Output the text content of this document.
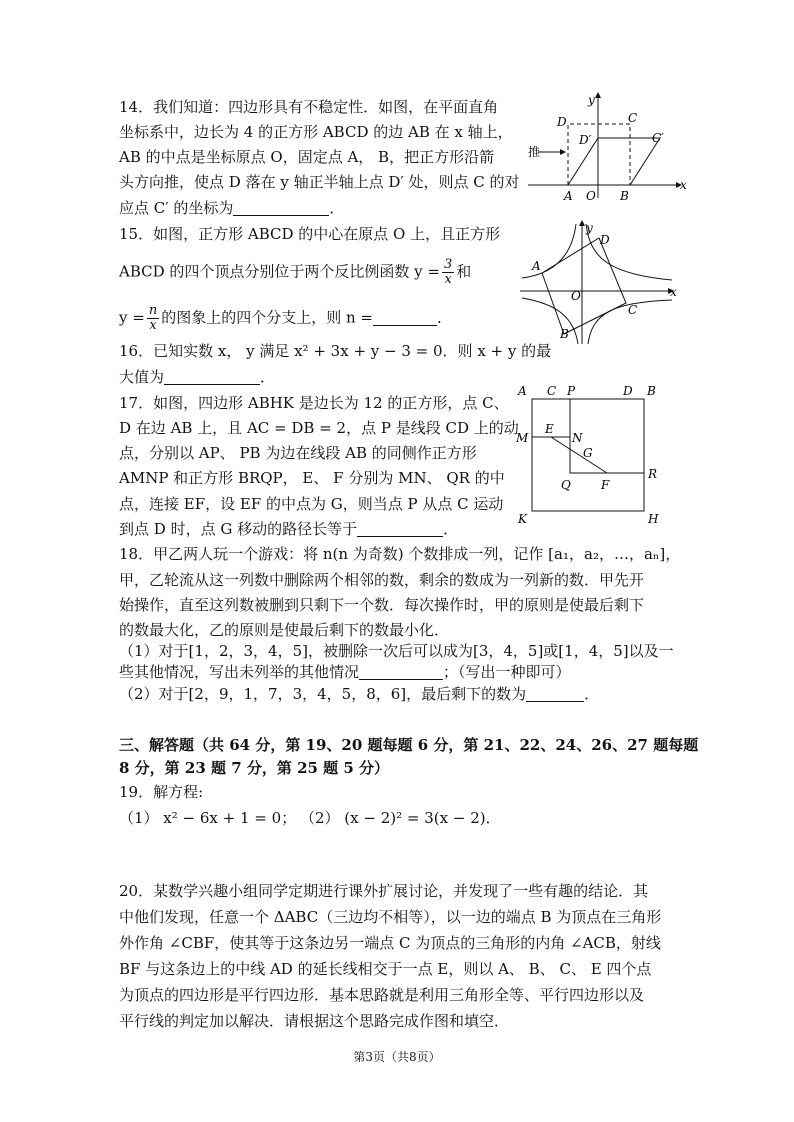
14．我们知道：四边形具有不稳定性．如图，在平面直角
坐标系中，边长为 4 的正方形 ABCD 的边 AB 在 x 轴上，
AB 的中点是坐标原点 O，固定点 A， B，把正方形沿箭
头方向推，使点 D 落在 y 轴正半轴上点 D′ 处，则点 C 的对
应点 C′ 的坐标为	．
y
x
D	C
D′	C′
A O B
推
15．如图，正方形 ABCD 的中心在原点 O 上，且正方形
ABCD 的四个顶点分别位于两个反比例函数 $y = \frac{3}{x}$ 和
$y = \frac{n}{x}$ 的图象上的四个分支上，则 n =	．
A
D
C
B
O
y
x
16．已知实数 x， y 满足 x² + 3x + y − 3 = 0．则 x + y 的最
大值为	．
17．如图，四边形 ABHK 是边长为 12 的正方形，点 C、
D 在边 AB 上，且 AC = DB = 2，点 P 是线段 CD 上的动
点，分别以 AP、 PB 为边在线段 AB 的同侧作正方形
AMNP 和正方形 BRQP， E、 F 分别为 MN、 QR 的中
点，连接 EF，设 EF 的中点为 G，则当点 P 从点 C 运动
到点 D 时，点 G 移动的路径长等于	．
A C P	D B
M
E
N
G
Q	F
R
K	H
18．甲乙两人玩一个游戏：将 n(n 为奇数) 个数排成一列，记作 [a₁，a₂，…，aₙ]，
甲，乙轮流从这一列数中删除两个相邻的数，剩余的数成为一列新的数．甲先开
始操作，直至这列数被删到只剩下一个数．每次操作时，甲的原则是使最后剩下
的数最大化，乙的原则是使最后剩下的数最小化．
（1）对于[1，2，3，4，5]，被删除一次后可以成为[3，4，5]或[1，4，5]以及一
些其他情况，写出未列举的其他情况	；（写出一种即可）
（2）对于[2，9，1，7，3，4，5，8，6]，最后剩下的数为	．
三、解答题（共 64 分，第 19、20 题每题 6 分，第 21、22、24、26、27 题每题
8 分，第 23 题 7 分，第 25 题 5 分）
19．解方程:
（1） x² − 6x + 1 = 0； （2） (x − 2)² = 3(x − 2)．
20．某数学兴趣小组同学定期进行课外扩展讨论，并发现了一些有趣的结论．其
中他们发现，任意一个 ΔABC（三边均不相等），以一边的端点 B 为顶点在三角形
外作角 ∠CBF，使其等于这条边另一端点 C 为顶点的三角形的内角 ∠ACB，射线
BF 与这条边上的中线 AD 的延长线相交于一点 E，则以 A、 B、 C、 E 四个点
为顶点的四边形是平行四边形．基本思路就是利用三角形全等、平行四边形以及
平行线的判定加以解决．请根据这个思路完成作图和填空．
第3页（共8页）
